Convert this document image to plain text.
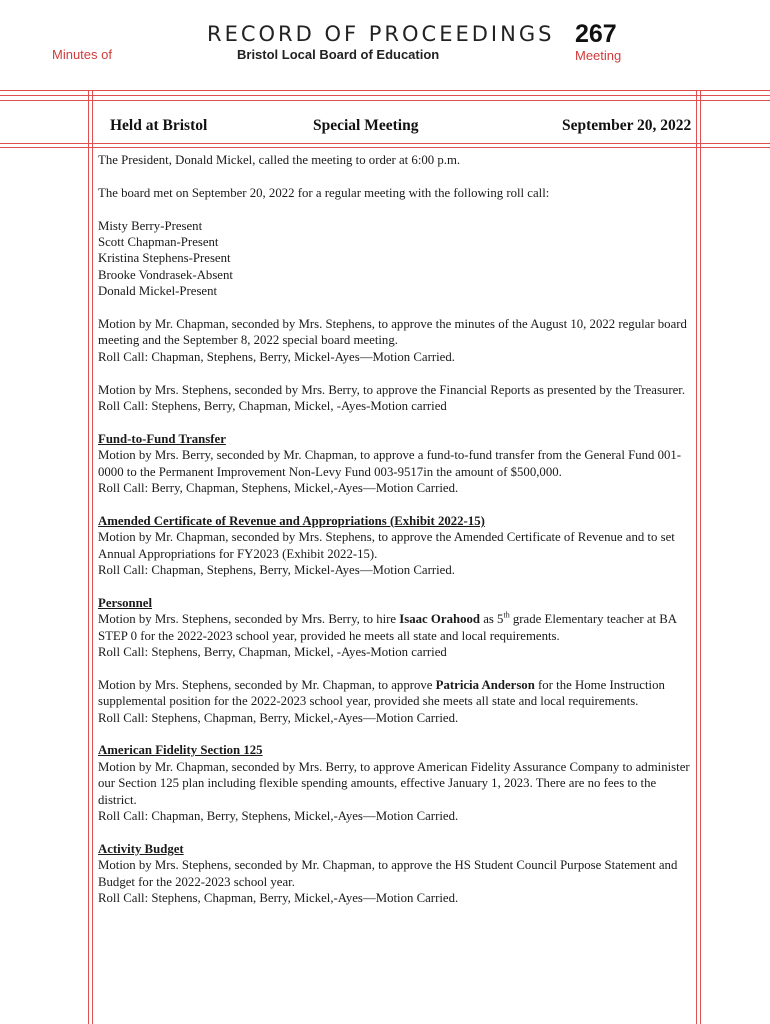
RECORD OF PROCEEDINGS 267
Minutes of	Bristol Local Board of Education	Meeting
Held at Bristol	Special Meeting	September 20, 2022

The President, Donald Mickel, called the meeting to order at 6:00 p.m.

The board met on September 20, 2022 for a regular meeting with the following roll call:

Misty Berry-Present
Scott Chapman-Present
Kristina Stephens-Present
Brooke Vondrasek-Absent
Donald Mickel-Present

Motion by Mr. Chapman, seconded by Mrs. Stephens, to approve the minutes of the August 10, 2022 regular board meeting and the September 8, 2022 special board meeting.
Roll Call: Chapman, Stephens, Berry, Mickel-Ayes—Motion Carried.

Motion by Mrs. Stephens, seconded by Mrs. Berry, to approve the Financial Reports as presented by the Treasurer.
Roll Call: Stephens, Berry, Chapman, Mickel, -Ayes-Motion carried

Fund-to-Fund Transfer
Motion by Mrs. Berry, seconded by Mr. Chapman, to approve a fund-to-fund transfer from the General Fund 001-0000 to the Permanent Improvement Non-Levy Fund 003-9517in the amount of $500,000.
Roll Call: Berry, Chapman, Stephens, Mickel,-Ayes—Motion Carried.

Amended Certificate of Revenue and Appropriations (Exhibit 2022-15)
Motion by Mr. Chapman, seconded by Mrs. Stephens, to approve the Amended Certificate of Revenue and to set Annual Appropriations for FY2023 (Exhibit 2022-15).
Roll Call: Chapman, Stephens, Berry, Mickel-Ayes—Motion Carried.

Personnel
Motion by Mrs. Stephens, seconded by Mrs. Berry, to hire Isaac Orahood as 5th grade Elementary teacher at BA STEP 0 for the 2022-2023 school year, provided he meets all state and local requirements.
Roll Call: Stephens, Berry, Chapman, Mickel, -Ayes-Motion carried

Motion by Mrs. Stephens, seconded by Mr. Chapman, to approve Patricia Anderson for the Home Instruction supplemental position for the 2022-2023 school year, provided she meets all state and local requirements.
Roll Call: Stephens, Chapman, Berry, Mickel,-Ayes—Motion Carried.

American Fidelity Section 125
Motion by Mr. Chapman, seconded by Mrs. Berry, to approve American Fidelity Assurance Company to administer our Section 125 plan including flexible spending amounts, effective January 1, 2023. There are no fees to the district.
Roll Call: Chapman, Berry, Stephens, Mickel,-Ayes—Motion Carried.

Activity Budget
Motion by Mrs. Stephens, seconded by Mr. Chapman, to approve the HS Student Council Purpose Statement and Budget for the 2022-2023 school year.
Roll Call: Stephens, Chapman, Berry, Mickel,-Ayes—Motion Carried.
